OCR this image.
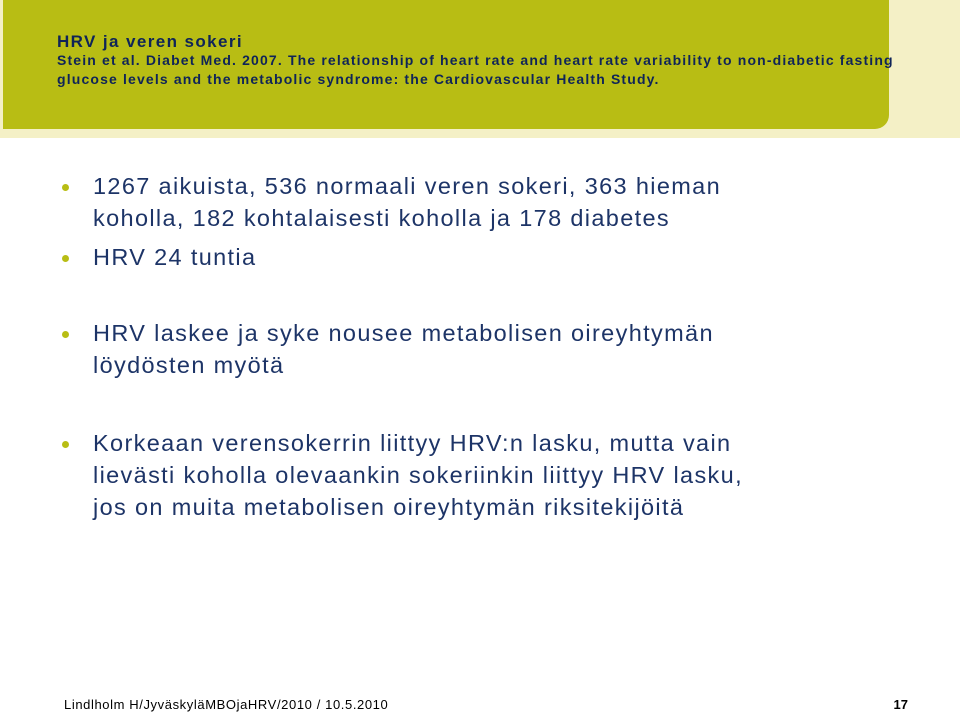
HRV ja veren sokeri
Stein et al. Diabet Med. 2007. The relationship of heart rate and heart rate variability to non-diabetic fasting glucose levels and the metabolic syndrome: the Cardiovascular Health Study.
1267 aikuista, 536 normaali veren sokeri, 363 hieman
koholla, 182 kohtalaisesti koholla ja 178 diabetes
HRV 24 tuntia
HRV laskee ja syke nousee metabolisen oireyhtymän
löydösten myötä
Korkeaan verensokerrin liittyy HRV:n lasku, mutta vain
lievästi koholla olevaankin sokeriinkin liittyy HRV lasku,
jos on muita metabolisen oireyhtymän riksitekijöitä
Lindlholm H/JyväskyläMBOjaHRV/2010 / 10.5.2010	17
